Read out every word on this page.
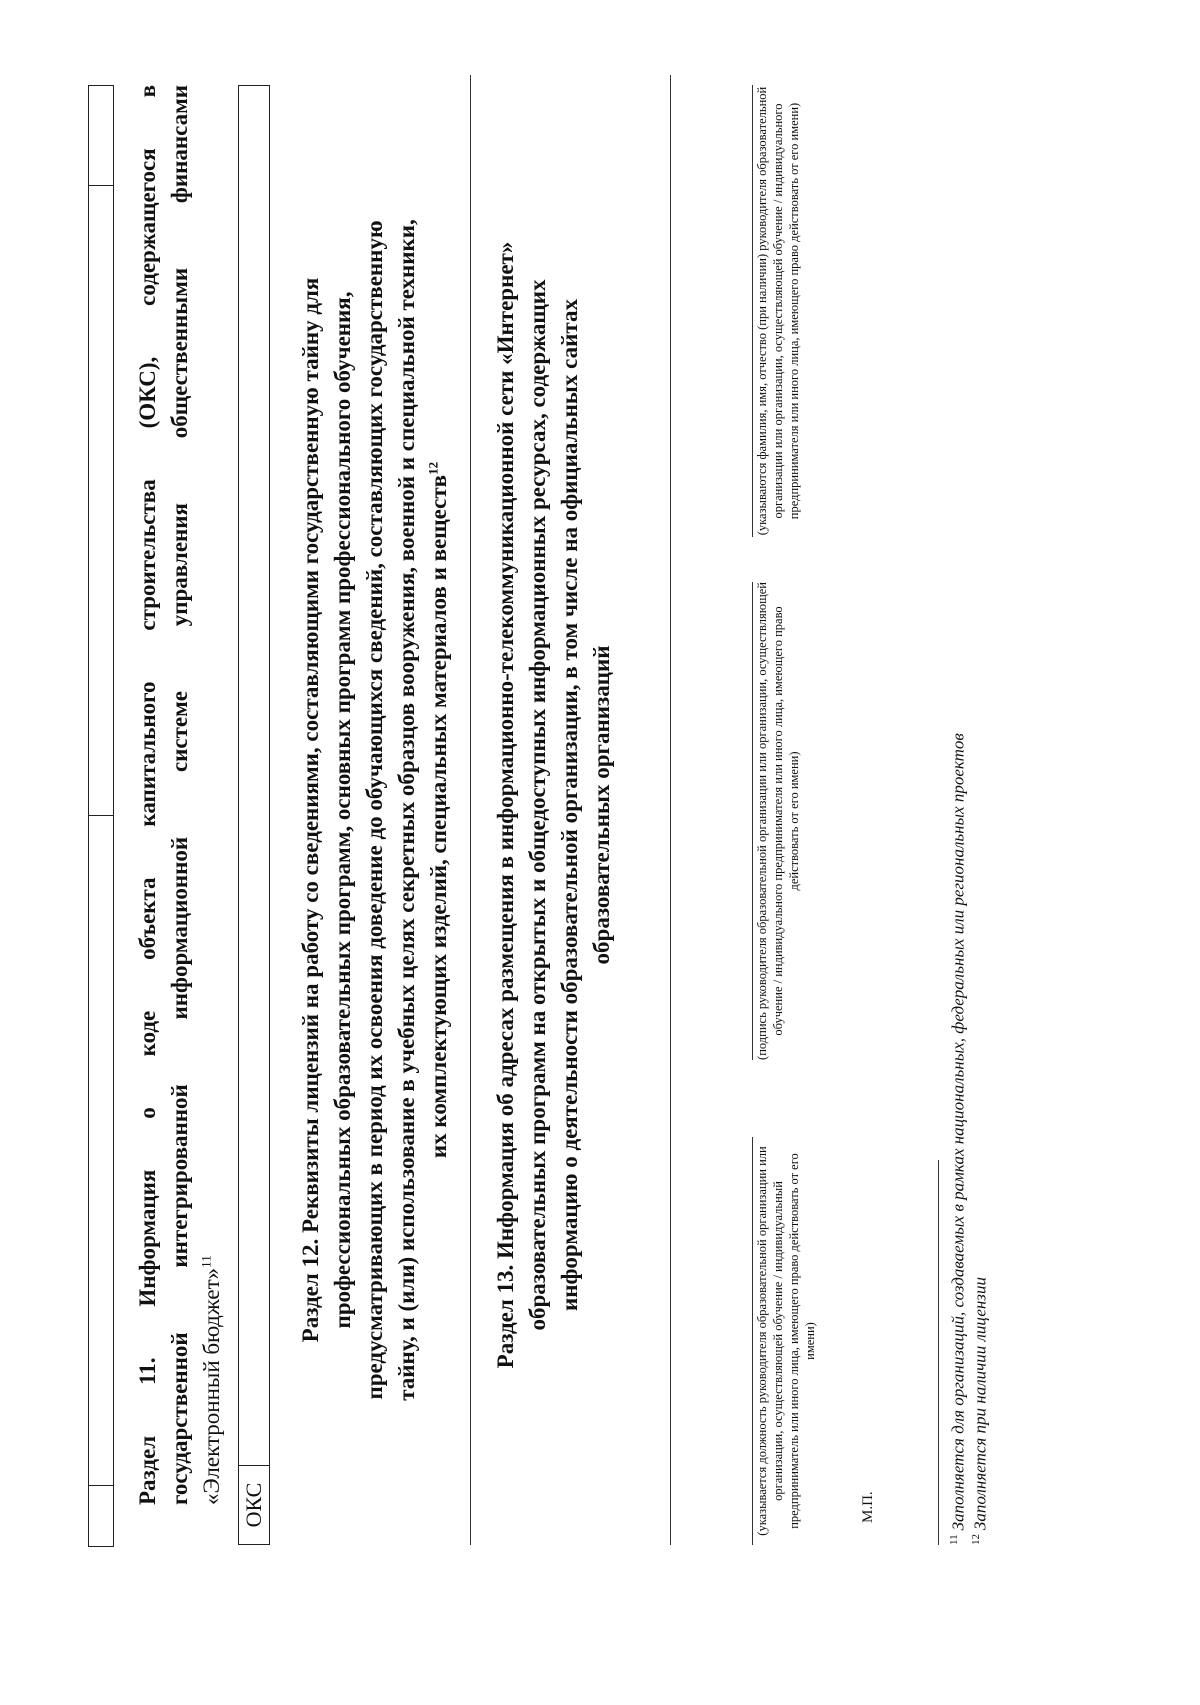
Раздел 11. Информация о коде объекта капитального строительства (ОКС), содержащегося в государственной интегрированной информационной системе управления общественными финансами «Электронный бюджет»$^{11}$
ОКС
Раздел 12. Реквизиты лицензий на работу со сведениями, составляющими государственную тайну для профессиональных образовательных программ, основных программ профессионального обучения, предусматривающих в период их освоения доведение до обучающихся сведений, составляющих государственную тайну, и (или) использование в учебных целях секретных образцов вооружения, военной и специальной техники, их комплектующих изделий, специальных материалов и веществ$^{12}$	Раздел 13. Информация об адресах размещения в информационно-телекоммуникационной сети «Интернет» образовательных программ на открытых и общедоступных информационных ресурсах, содержащих информацию о деятельности образовательной организации, в том числе на официальных сайтах образовательных организаций
(указывается должность руководителя образовательной организации или организации, осуществляющей обучение / индивидуальный предприниматель или иного лица, имеющего право действовать от его имени)
(подпись руководителя образовательной организации или организации, осуществляющей обучение / индивидуального предпринимателя или иного лица, имеющего право действовать от его имени)
(указываются фамилия, имя, отчество (при наличии) руководителя образовательной организации или организации, осуществляющей обучение / индивидуального предпринимателя или иного лица, имеющего право действовать от его имени)
М.П.
$^{11}$Заполняется для организаций, создаваемых в рамках национальных, федеральных или региональных проектов
$^{12}$Заполняется при наличии лицензии
